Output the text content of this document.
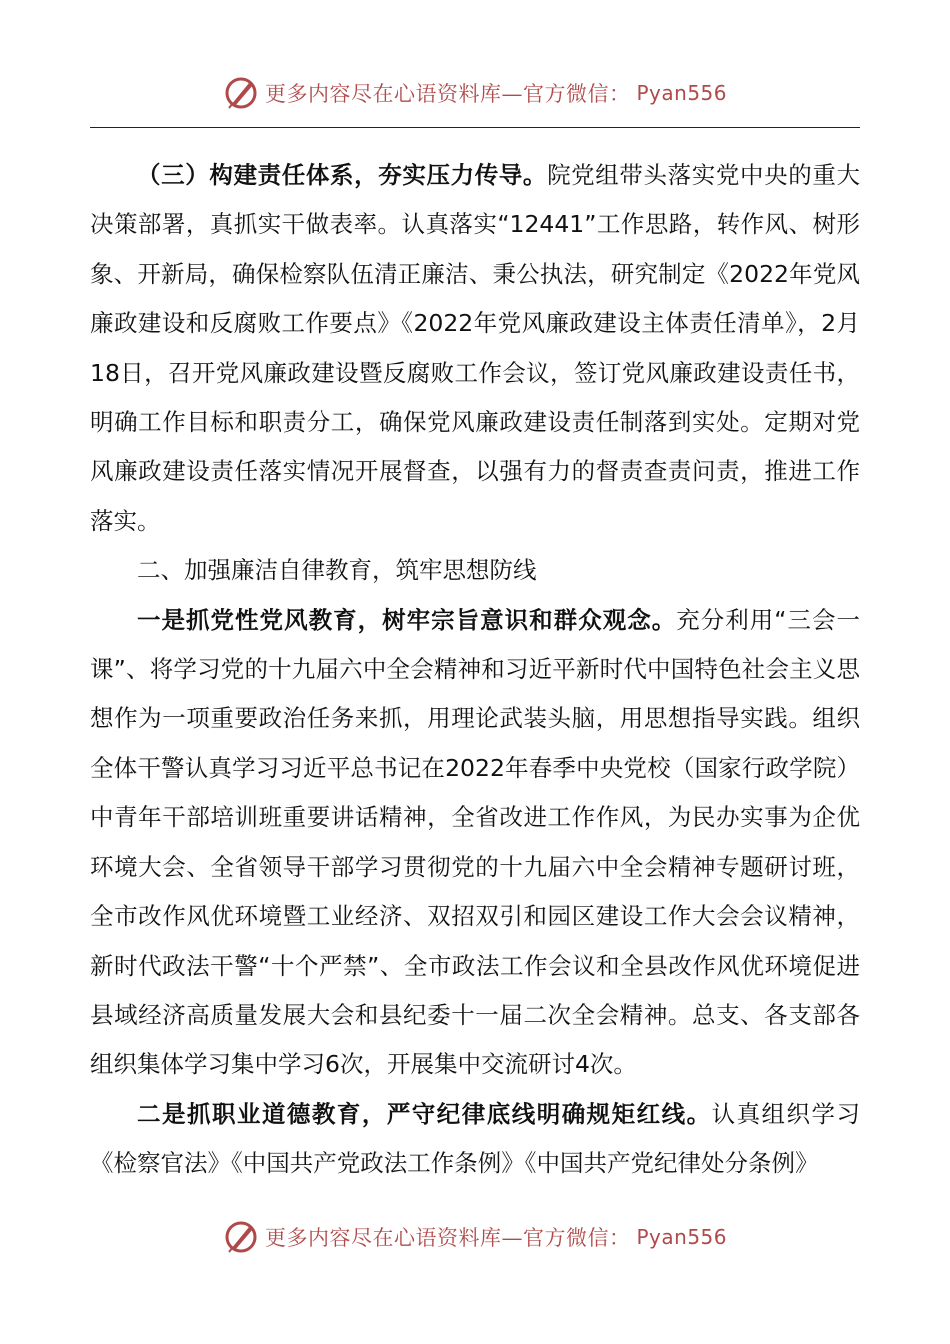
更多内容尽在心语资料库—官方微信： Pyan556

（三）构建责任体系，夯实压力传导。院党组带头落实党中央的重大决策部署，真抓实干做表率。认真落实“12441”工作思路，转作风、树形象、开新局，确保检察队伍清正廉洁、秉公执法，研究制定《2022年党风廉政建设和反腐败工作要点》《2022年党风廉政建设主体责任清单》，2月18日，召开党风廉政建设暨反腐败工作会议，签订党风廉政建设责任书，明确工作目标和职责分工，确保党风廉政建设责任制落到实处。定期对党风廉政建设责任落实情况开展督查，以强有力的督责查责问责，推进工作落实。

二、加强廉洁自律教育，筑牢思想防线

一是抓党性党风教育，树牢宗旨意识和群众观念。充分利用“三会一课”、将学习党的十九届六中全会精神和习近平新时代中国特色社会主义思想作为一项重要政治任务来抓，用理论武装头脑，用思想指导实践。组织全体干警认真学习习近平总书记在2022年春季中央党校（国家行政学院）中青年干部培训班重要讲话精神，全省改进工作作风，为民办实事为企优环境大会、全省领导干部学习贯彻党的十九届六中全会精神专题研讨班，全市改作风优环境暨工业经济、双招双引和园区建设工作大会会议精神，新时代政法干警“十个严禁”、全市政法工作会议和全县改作风优环境促进县域经济高质量发展大会和县纪委十一届二次全会精神。总支、各支部各组织集体学习集中学习6次，开展集中交流研讨4次。

二是抓职业道德教育，严守纪律底线明确规矩红线。认真组织学习《检察官法》《中国共产党政法工作条例》《中国共产党纪律处分条例》

更多内容尽在心语资料库—官方微信： Pyan556
